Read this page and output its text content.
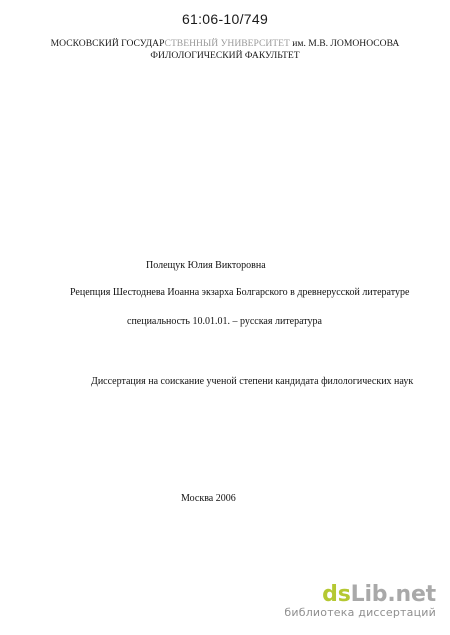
61:06-10/749
МОСКОВСКИЙ ГОСУДАРСТВЕННЫЙ УНИВЕРСИТЕТ им. М.В. ЛОМОНОСОВА
ФИЛОЛОГИЧЕСКИЙ ФАКУЛЬТЕТ
Полещук Юлия Викторовна
Рецепция Шестоднева Иоанна экзарха Болгарского в древнерусской литературе
специальность 10.01.01. – русская литература
Диссертация на соискание ученой степени кандидата филологических наук
Москва 2006
dsLib.net
библиотека диссертаций
